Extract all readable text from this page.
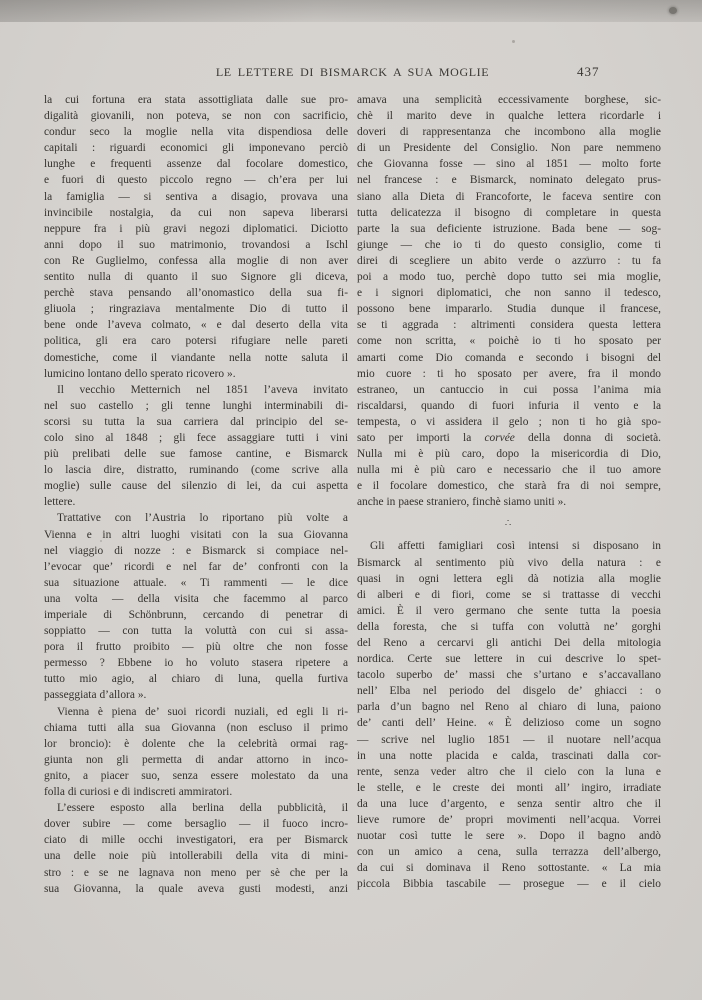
LE LETTERE DI BISMARCK A SUA MOGLIE	437

la cui fortuna era stata assottigliata dalle sue pro-
digalità giovanili, non poteva, se non con sacrificio,
condur seco la moglie nella vita dispendiosa delle
capitali : riguardi economici gli imponevano perciò
lunghe e frequenti assenze dal focolare domestico,
e fuori di questo piccolo regno — ch’era per lui
la famiglia — si sentiva a disagio, provava una
invincibile nostalgia, da cui non sapeva liberarsi
neppure fra i più gravi negozi diplomatici. Diciotto
anni dopo il suo matrimonio, trovandosi a Ischl
con Re Guglielmo, confessa alla moglie di non aver
sentito nulla di quanto il suo Signore gli diceva,
perchè stava pensando all’onomastico della sua fi-
gliuola ; ringraziava mentalmente Dio di tutto il
bene onde l’aveva colmato, « e dal deserto della vita
politica, gli era caro potersi rifugiare nelle pareti
domestiche, come il viandante nella notte saluta il
lumicino lontano dello sperato ricovero ».

Il vecchio Metternich nel 1851 l’aveva invitato
nel suo castello ; gli tenne lunghi interminabili di-
scorsi su tutta la sua carriera dal principio del se-
colo sino al 1848 ; gli fece assaggiare tutti i vini
più prelibati delle sue famose cantine, e Bismarck
lo lascia dire, distratto, ruminando (come scrive alla
moglie) sulle cause del silenzio di lei, da cui aspetta
lettere.

Trattative con l’Austria lo riportano più volte a
Vienna e in altri luoghi visitati con la sua Giovanna
nel viaggio di nozze : e Bismarck si compiace nel-
l’evocar que’ ricordi e nel far de’ confronti con la
sua situazione attuale. « Ti rammenti — le dice
una volta — della visita che facemmo al parco
imperiale di Schönbrunn, cercando di penetrar di
soppiatto — con tutta la voluttà con cui si assa-
pora il frutto proibito — più oltre che non fosse
permesso ? Ebbene io ho voluto stasera ripetere a
tutto mio agio, al chiaro di luna, quella furtiva
passeggiata d’allora ».

Vienna è piena de’ suoi ricordi nuziali, ed egli li ri-
chiama tutti alla sua Giovanna (non escluso il primo
lor broncio): è dolente che la celebrità ormai rag-
giunta non gli permetta di andar attorno in inco-
gnito, a piacer suo, senza essere molestato da una
folla di curiosi e di indiscreti ammiratori.

L’essere esposto alla berlina della pubblicità, il
dover subire — come bersaglio — il fuoco incro-
ciato di mille occhi investigatori, era per Bismarck
una delle noie più intollerabili della vita di mini-
stro : e se ne lagnava non meno per sè che per la
sua Giovanna, la quale aveva gusti modesti, anzi

amava una semplicità eccessivamente borghese, sic-
chè il marito deve in qualche lettera ricordarle i
doveri di rappresentanza che incombono alla moglie
di un Presidente del Consiglio. Non pare nemmeno
che Giovanna fosse — sino al 1851 — molto forte
nel francese : e Bismarck, nominato delegato prus-
siano alla Dieta di Francoforte, le faceva sentire con
tutta delicatezza il bisogno di completare in questa
parte la sua deficiente istruzione. Bada bene — sog-
giunge — che io ti do questo consiglio, come ti
direi di scegliere un abito verde o azzurro : tu fa
poi a modo tuo, perchè dopo tutto sei mia moglie,
e i signori diplomatici, che non sanno il tedesco,
possono bene impararlo. Studia dunque il francese,
se ti aggrada : altrimenti considera questa lettera
come non scritta, « poichè io ti ho sposato per
amarti come Dio comanda e secondo i bisogni del
mio cuore : ti ho sposato per avere, fra il mondo
estraneo, un cantuccio in cui possa l’anima mia
riscaldarsi, quando di fuori infuria il vento e la
tempesta, o vi assidera il gelo ; non ti ho già spo-
sato per importi la corvée della donna di società.
Nulla mi è più caro, dopo la misericordia di Dio,
nulla mi è più caro e necessario che il tuo amore
e il focolare domestico, che starà fra di noi sempre,
anche in paese straniero, finchè siamo uniti ».

∴

Gli affetti famigliari così intensi si disposano in
Bismarck al sentimento più vivo della natura : e
quasi in ogni lettera egli dà notizia alla moglie
di alberi e di fiori, come se si trattasse di vecchi
amici. È il vero germano che sente tutta la poesia
della foresta, che si tuffa con voluttà ne’ gorghi
del Reno a cercarvi gli antichi Dei della mitologia
nordica. Certe sue lettere in cui descrive lo spet-
tacolo superbo de’ massi che s’urtano e s’accavallano
nell’ Elba nel periodo del disgelo de’ ghiacci : o
parla d’un bagno nel Reno al chiaro di luna, paiono
de’ canti dell’ Heine. « È delizioso come un sogno
— scrive nel luglio 1851 — il nuotare nell’acqua
in una notte placida e calda, trascinati dalla cor-
rente, senza veder altro che il cielo con la luna e
le stelle, e le creste dei monti all’ ingiro, irradiate
da una luce d’argento, e senza sentir altro che il
lieve rumore de’ propri movimenti nell’acqua. Vorrei
nuotar così tutte le sere ». Dopo il bagno andò
con un amico a cena, sulla terrazza dell’albergo,
da cui si dominava il Reno sottostante. « La mia
piccola Bibbia tascabile — prosegue — e il cielo
